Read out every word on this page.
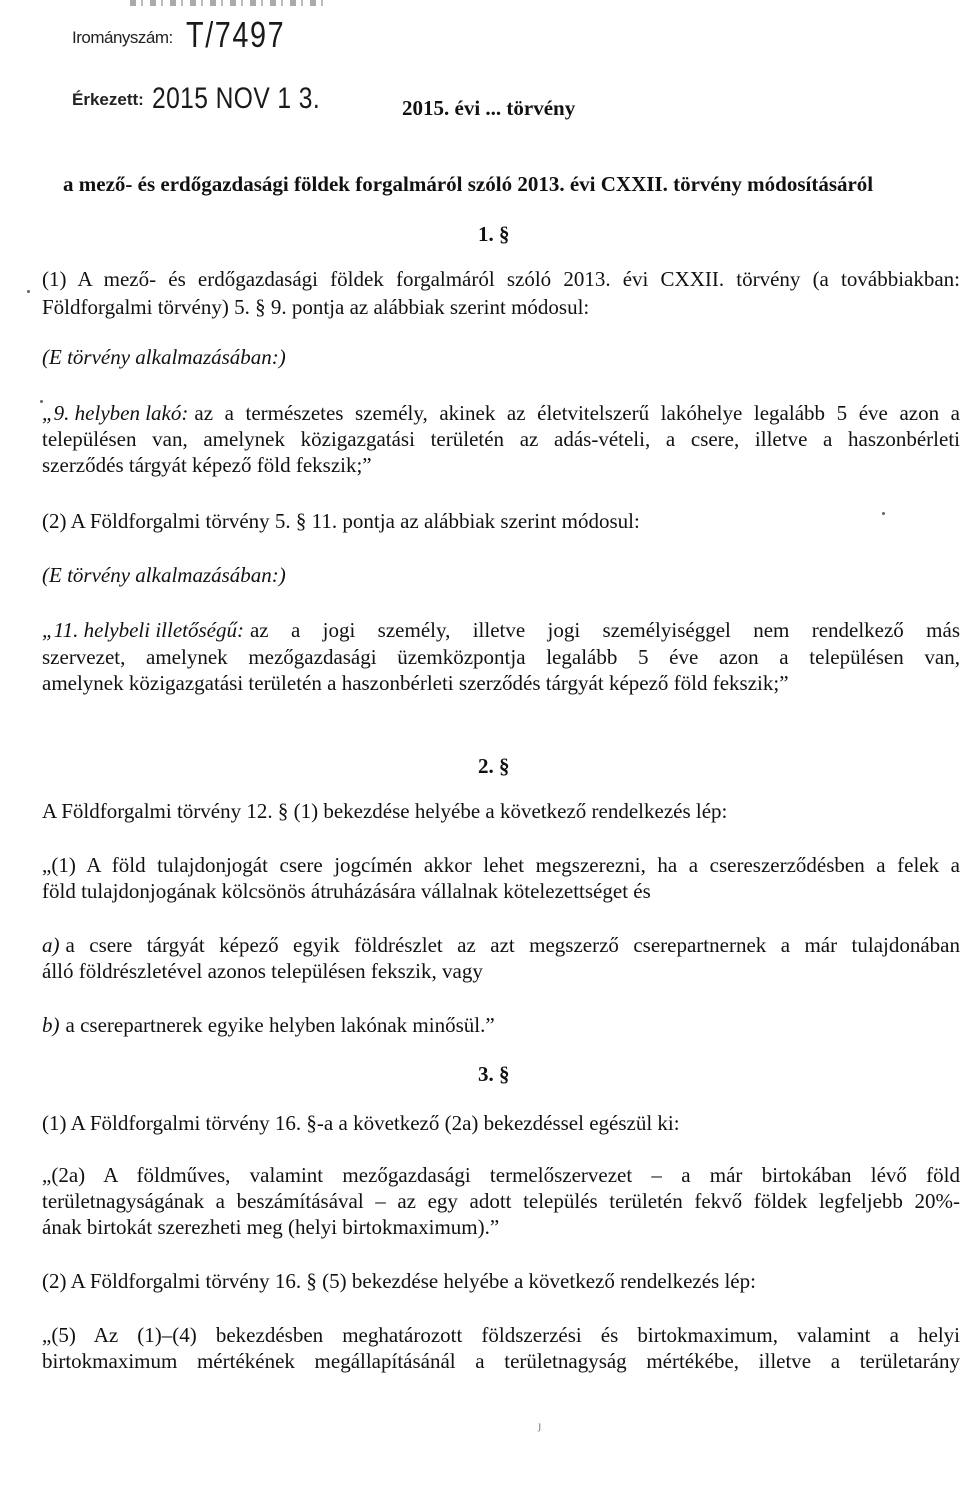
Irományszám: T/7497
Érkezett: 2015 NOV 1 3.	2015. évi ... törvény
a mező- és erdőgazdasági földek forgalmáról szóló 2013. évi CXXII. törvény módosításáról
1. §

(1) A mező- és erdőgazdasági földek forgalmáról szóló 2013. évi CXXII. törvény (a továbbiakban:

Földforgalmi törvény) 5. § 9. pontja az alábbiak szerint módosul:

(E törvény alkalmazásában:)

„9. helyben lakó: az a természetes személy, akinek az életvitelszerű lakóhelye legalább 5 éve azon a

településen van, amelynek közigazgatási területén az adás-vételi, a csere, illetve a haszonbérleti

szerződés tárgyát képező föld fekszik;”

(2) A Földforgalmi törvény 5. § 11. pontja az alábbiak szerint módosul:

(E törvény alkalmazásában:)

„11. helybeli illetőségű: az a jogi személy, illetve jogi személyiséggel nem rendelkező más

szervezet, amelynek mezőgazdasági üzemközpontja legalább 5 éve azon a településen van,

amelynek közigazgatási területén a haszonbérleti szerződés tárgyát képező föld fekszik;”

2. §

A Földforgalmi törvény 12. § (1) bekezdése helyébe a következő rendelkezés lép:

„(1) A föld tulajdonjogát csere jogcímén akkor lehet megszerezni, ha a csereszerződésben a felek a

föld tulajdonjogának kölcsönös átruházására vállalnak kötelezettséget és

a) a csere tárgyát képező egyik földrészlet az azt megszerző cserepartnernek a már tulajdonában

álló földrészletével azonos településen fekszik, vagy

b) a cserepartnerek egyike helyben lakónak minősül.”

3. §

(1) A Földforgalmi törvény 16. §-a a következő (2a) bekezdéssel egészül ki:

„(2a) A földműves, valamint mezőgazdasági termelőszervezet – a már birtokában lévő föld

területnagyságának a beszámításával – az egy adott település területén fekvő földek legfeljebb 20%-

ának birtokát szerezheti meg (helyi birtokmaximum).”

(2) A Földforgalmi törvény 16. § (5) bekezdése helyébe a következő rendelkezés lép:

„(5) Az (1)–(4) bekezdésben meghatározott földszerzési és birtokmaximum, valamint a helyi

birtokmaximum mértékének megállapításánál a területnagyság mértékébe, illetve a területarány

ȷ
